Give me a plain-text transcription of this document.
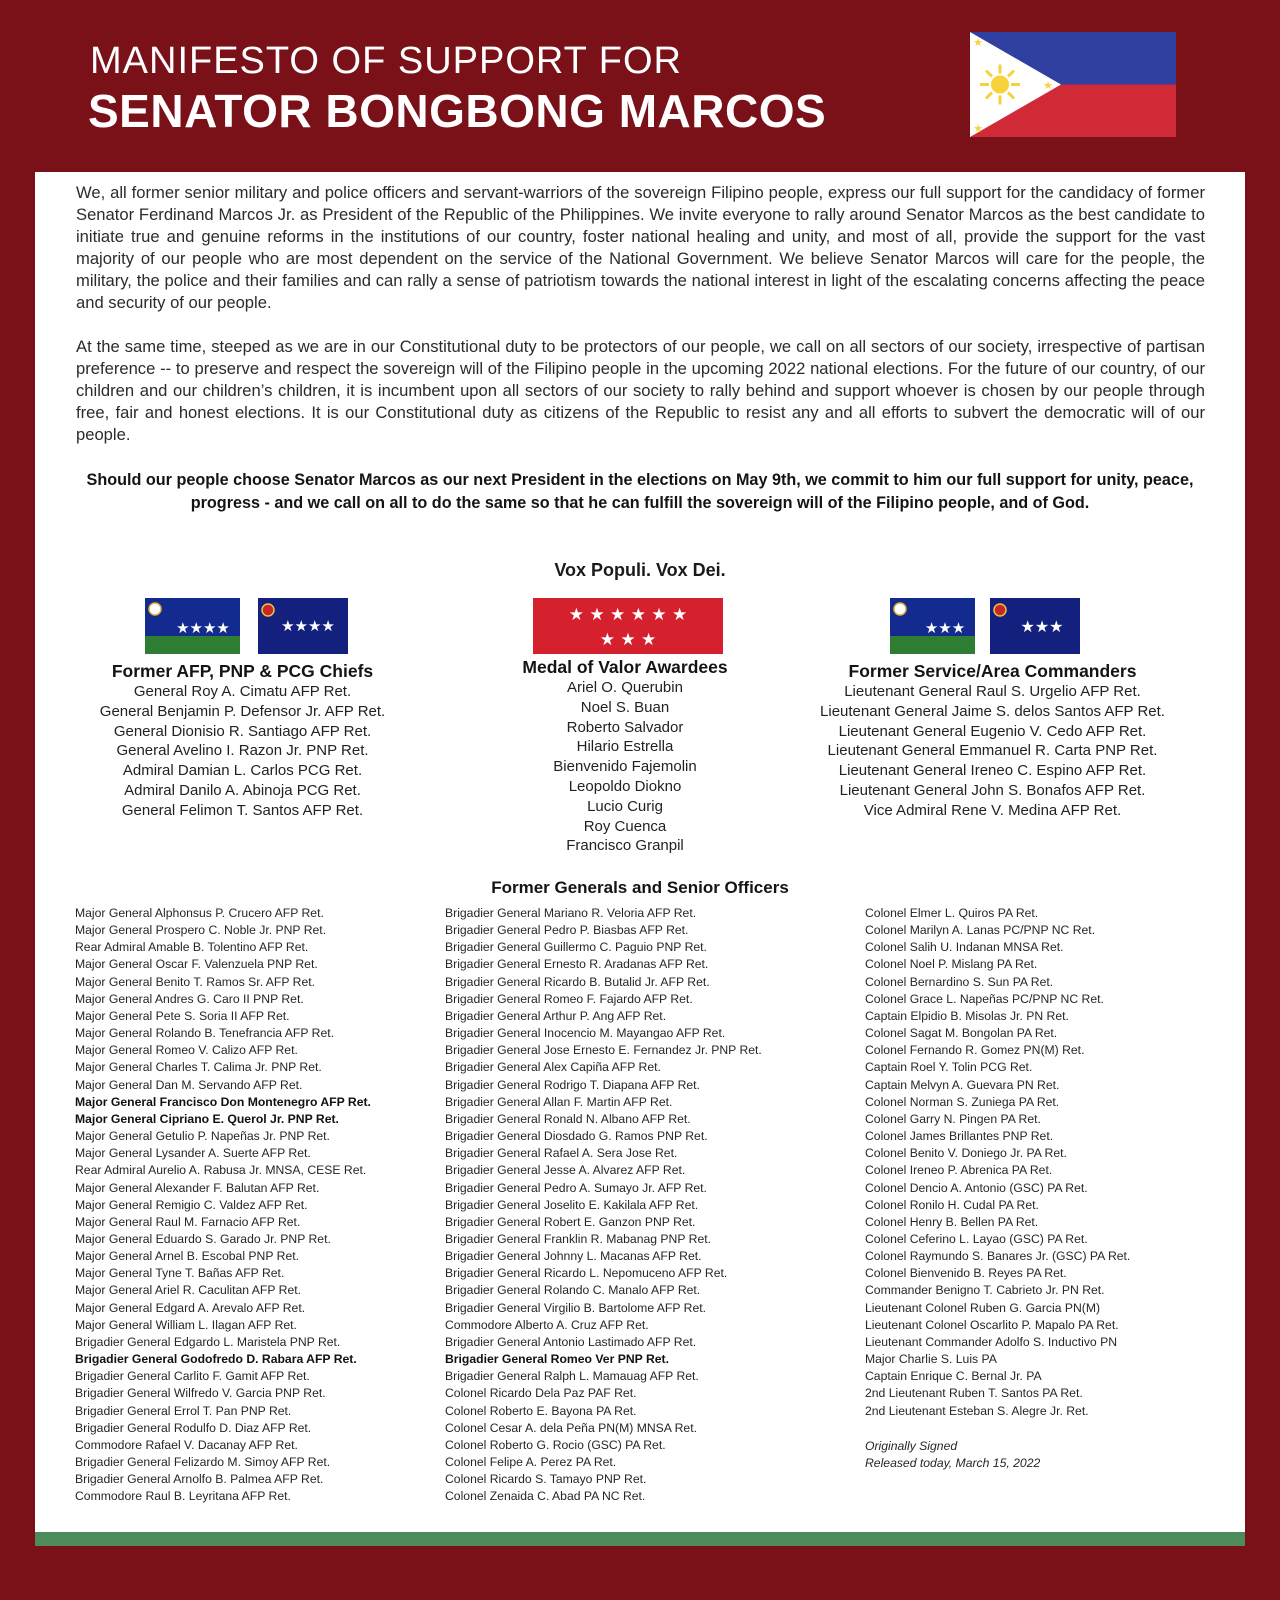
MANIFESTO OF SUPPORT FOR
SENATOR BONGBONG MARCOS
★
★
★

We, all former senior military and police officers and servant-warriors of the sovereign Filipino people, express our full support for the candidacy of former Senator Ferdinand Marcos Jr. as President of the Republic of the Philippines. We invite everyone to rally around Senator Marcos as the best candidate to initiate true and genuine reforms in the institutions of our country, foster national healing and unity, and most of all, provide the support for the vast majority of our people who are most dependent on the service of the National Government. We believe Senator Marcos will care for the people, the military, the police and their families and can rally a sense of patriotism towards the national interest in light of the escalating concerns affecting the peace and security of our people.

At the same time, steeped as we are in our Constitutional duty to be protectors of our people, we call on all sectors of our society, irrespective of partisan preference -- to preserve and respect the sovereign will of the Filipino people in the upcoming 2022 national elections. For the future of our country, of our children and our children’s children, it is incumbent upon all sectors of our society to rally behind and support whoever is chosen by our people through free, fair and honest elections. It is our Constitutional duty as citizens of the Republic to resist any and all efforts to subvert the democratic will of our people.

Should our people choose Senator Marcos as our next President in the elections on May 9th, we commit to him our full support for unity, peace, progress - and we call on all to do the same so that he can fulfill the sovereign will of the Filipino people, and of God.

Vox Populi. Vox Dei.
★★★★	★★★★
★ ★ ★ ★ ★ ★
★ ★ ★
★★★	★★★
Former AFP, PNP & PCG Chiefs
General Roy A. Cimatu AFP Ret.
General Benjamin P. Defensor Jr. AFP Ret.
General Dionisio R. Santiago AFP Ret.
General Avelino I. Razon Jr. PNP Ret.
Admiral Damian L. Carlos PCG Ret.
Admiral Danilo A. Abinoja PCG Ret.
General Felimon T. Santos AFP Ret.
Medal of Valor Awardees
Ariel O. Querubin
Noel S. Buan
Roberto Salvador
Hilario Estrella
Bienvenido Fajemolin
Leopoldo Diokno
Lucio Curig
Roy Cuenca
Francisco Granpil
Former Service/Area Commanders
Lieutenant General Raul S. Urgelio AFP Ret.
Lieutenant General Jaime S. delos Santos AFP Ret.
Lieutenant General Eugenio V. Cedo AFP Ret.
Lieutenant General Emmanuel R. Carta PNP Ret.
Lieutenant General Ireneo C. Espino AFP Ret.
Lieutenant General John S. Bonafos AFP Ret.
Vice Admiral Rene V. Medina AFP Ret.
Former Generals and Senior Officers
Major General Alphonsus P. Crucero AFP Ret.
Major General Prospero C. Noble Jr. PNP Ret.
Rear Admiral Amable B. Tolentino AFP Ret.
Major General Oscar F. Valenzuela PNP Ret.
Major General Benito T. Ramos Sr. AFP Ret.
Major General Andres G. Caro II PNP Ret.
Major General Pete S. Soria II AFP Ret.
Major General Rolando B. Tenefrancia AFP Ret.
Major General Romeo V. Calizo AFP Ret.
Major General Charles T. Calima Jr. PNP Ret.
Major General Dan M. Servando AFP Ret.
Major General Francisco Don Montenegro AFP Ret.
Major General Cipriano E. Querol Jr. PNP Ret.
Major General Getulio P. Napeñas Jr. PNP Ret.
Major General Lysander A. Suerte AFP Ret.
Rear Admiral Aurelio A. Rabusa Jr. MNSA, CESE Ret.
Major General Alexander F. Balutan AFP Ret.
Major General Remigio C. Valdez AFP Ret.
Major General Raul M. Farnacio AFP Ret.
Major General Eduardo S. Garado Jr. PNP Ret.
Major General Arnel B. Escobal PNP Ret.
Major General Tyne T. Bañas AFP Ret.
Major General Ariel R. Caculitan AFP Ret.
Major General Edgard A. Arevalo AFP Ret.
Major General William L. Ilagan AFP Ret.
Brigadier General Edgardo L. Maristela PNP Ret.
Brigadier General Godofredo D. Rabara AFP Ret.
Brigadier General Carlito F. Gamit AFP Ret.
Brigadier General Wilfredo V. Garcia PNP Ret.
Brigadier General Errol T. Pan PNP Ret.
Brigadier General Rodulfo D. Diaz AFP Ret.
Commodore Rafael V. Dacanay AFP Ret.
Brigadier General Felizardo M. Simoy AFP Ret.
Brigadier General Arnolfo B. Palmea AFP Ret.
Commodore Raul B. Leyritana AFP Ret.
Brigadier General Mariano R. Veloria AFP Ret.
Brigadier General Pedro P. Biasbas AFP Ret.
Brigadier General Guillermo C. Paguio PNP Ret.
Brigadier General Ernesto R. Aradanas AFP Ret.
Brigadier General Ricardo B. Butalid Jr. AFP Ret.
Brigadier General Romeo F. Fajardo AFP Ret.
Brigadier General Arthur P. Ang AFP Ret.
Brigadier General Inocencio M. Mayangao AFP Ret.
Brigadier General Jose Ernesto E. Fernandez Jr. PNP Ret.
Brigadier General Alex Capiña AFP Ret.
Brigadier General Rodrigo T. Diapana AFP Ret.
Brigadier General Allan F. Martin AFP Ret.
Brigadier General Ronald N. Albano AFP Ret.
Brigadier General Diosdado G. Ramos PNP Ret.
Brigadier General Rafael A. Sera Jose Ret.
Brigadier General Jesse A. Alvarez AFP Ret.
Brigadier General Pedro A. Sumayo Jr. AFP Ret.
Brigadier General Joselito E. Kakilala AFP Ret.
Brigadier General Robert E. Ganzon PNP Ret.
Brigadier General Franklin R. Mabanag PNP Ret.
Brigadier General Johnny L. Macanas AFP Ret.
Brigadier General Ricardo L. Nepomuceno AFP Ret.
Brigadier General Rolando C. Manalo AFP Ret.
Brigadier General Virgilio B. Bartolome AFP Ret.
Commodore Alberto A. Cruz AFP Ret.
Brigadier General Antonio Lastimado AFP Ret.
Brigadier General Romeo Ver PNP Ret.
Brigadier General Ralph L. Mamauag AFP Ret.
Colonel Ricardo Dela Paz PAF Ret.
Colonel Roberto E. Bayona PA Ret.
Colonel Cesar A. dela Peña PN(M) MNSA Ret.
Colonel Roberto G. Rocio (GSC) PA Ret.
Colonel Felipe A. Perez PA Ret.
Colonel Ricardo S. Tamayo PNP Ret.
Colonel Zenaida C. Abad PA NC Ret.
Colonel Elmer L. Quiros PA Ret.
Colonel Marilyn A. Lanas PC/PNP NC Ret.
Colonel Salih U. Indanan MNSA Ret.
Colonel Noel P. Mislang PA Ret.
Colonel Bernardino S. Sun PA Ret.
Colonel Grace L. Napeñas PC/PNP NC Ret.
Captain Elpidio B. Misolas Jr. PN Ret.
Colonel Sagat M. Bongolan PA Ret.
Colonel Fernando R. Gomez PN(M) Ret.
Captain Roel Y. Tolin PCG Ret.
Captain Melvyn A. Guevara PN Ret.
Colonel Norman S. Zuniega PA Ret.
Colonel Garry N. Pingen PA Ret.
Colonel James Brillantes PNP Ret.
Colonel Benito V. Doniego Jr. PA Ret.
Colonel Ireneo P. Abrenica PA Ret.
Colonel Dencio A. Antonio (GSC) PA Ret.
Colonel Ronilo H. Cudal PA Ret.
Colonel Henry B. Bellen PA Ret.
Colonel Ceferino L. Layao (GSC) PA Ret.
Colonel Raymundo S. Banares Jr. (GSC) PA Ret.
Colonel Bienvenido B. Reyes PA Ret.
Commander Benigno T. Cabrieto Jr. PN Ret.
Lieutenant Colonel Ruben G. Garcia PN(M)
Lieutenant Colonel Oscarlito P. Mapalo PA Ret.
Lieutenant Commander Adolfo S. Inductivo PN
Major Charlie S. Luis PA
Captain Enrique C. Bernal Jr. PA
2nd Lieutenant Ruben T. Santos PA Ret.
2nd Lieutenant Esteban S. Alegre Jr. Ret.
Originally Signed
Released today, March 15, 2022
